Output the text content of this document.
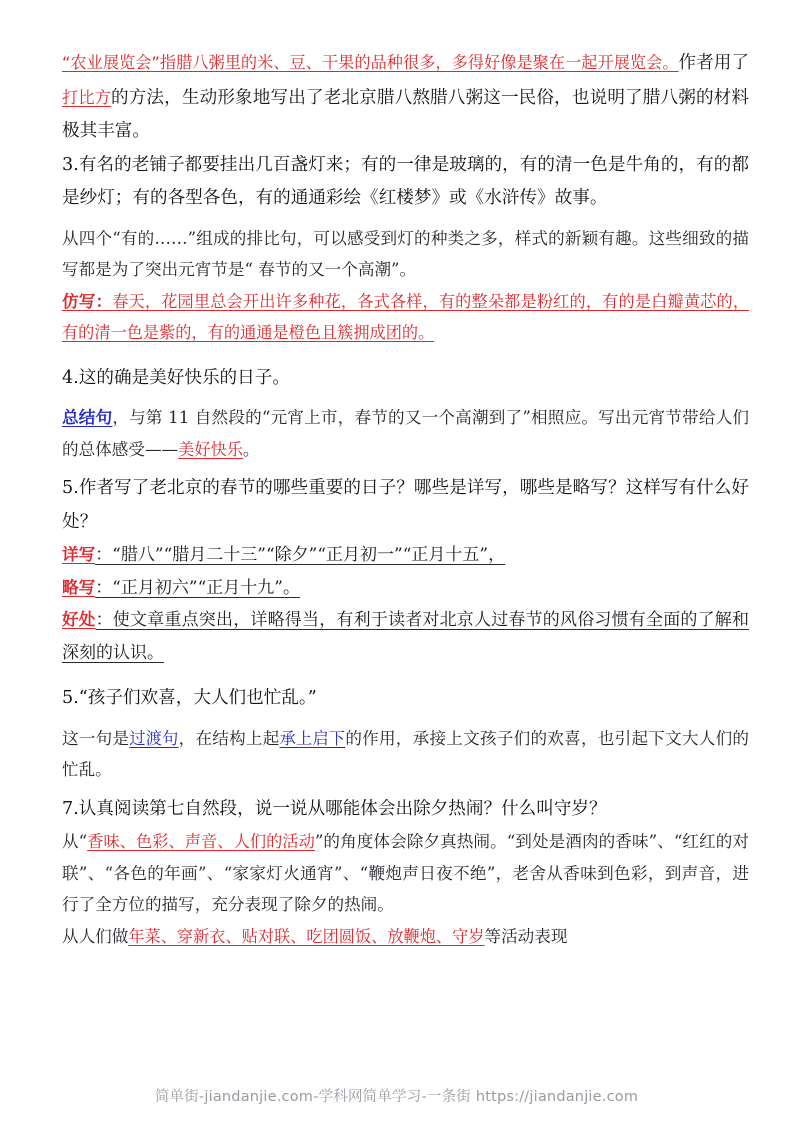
“农业展览会”指腊八粥里的米、豆、干果的品种很多，多得好像是聚在一起开展览会。作者用了打比方的方法，生动形象地写出了老北京腊八熬腊八粥这一民俗，也说明了腊八粥的材料极其丰富。

3.有名的老铺子都要挂出几百盏灯来；有的一律是玻璃的，有的清一色是牛角的，有的都是纱灯；有的各型各色，有的通通彩绘《红楼梦》或《水浒传》故事。

从四个“有的……”组成的排比句，可以感受到灯的种类之多，样式的新颖有趣。这些细致的描写都是为了突出元宵节是“ 春节的又一个高潮”。

仿写：春天，花园里总会开出许多种花，各式各样，有的整朵都是粉红的，有的是白瓣黄芯的，有的清一色是紫的，有的通通是橙色且簇拥成团的。

4.这的确是美好快乐的日子。

总结句，与第 11 自然段的“元宵上市，春节的又一个高潮到了”相照应。写出元宵节带给人们的总体感受——美好快乐。

5.作者写了老北京的春节的哪些重要的日子？哪些是详写，哪些是略写？这样写有什么好处？

详写：“腊八”“腊月二十三”“除夕”“正月初一”“正月十五”，

略写：“正月初六”“正月十九”。

好处：使文章重点突出，详略得当，有利于读者对北京人过春节的风俗习惯有全面的了解和深刻的认识。

5.“孩子们欢喜，大人们也忙乱。”

这一句是过渡句，在结构上起承上启下的作用，承接上文孩子们的欢喜，也引起下文大人们的忙乱。

7.认真阅读第七自然段，说一说从哪能体会出除夕热闹？什么叫守岁？

从“香味、色彩、声音、人们的活动”的角度体会除夕真热闹。“到处是酒肉的香味”、“红红的对联”、“各色的年画”、“家家灯火通宵”、“鞭炮声日夜不绝”，老舍从香味到色彩，到声音，进行了全方位的描写，充分表现了除夕的热闹。

从人们做年菜、穿新衣、贴对联、吃团圆饭、放鞭炮、守岁等活动表现

简单街-jiandanjie.com-学科网简单学习-一条街 https://jiandanjie.com
